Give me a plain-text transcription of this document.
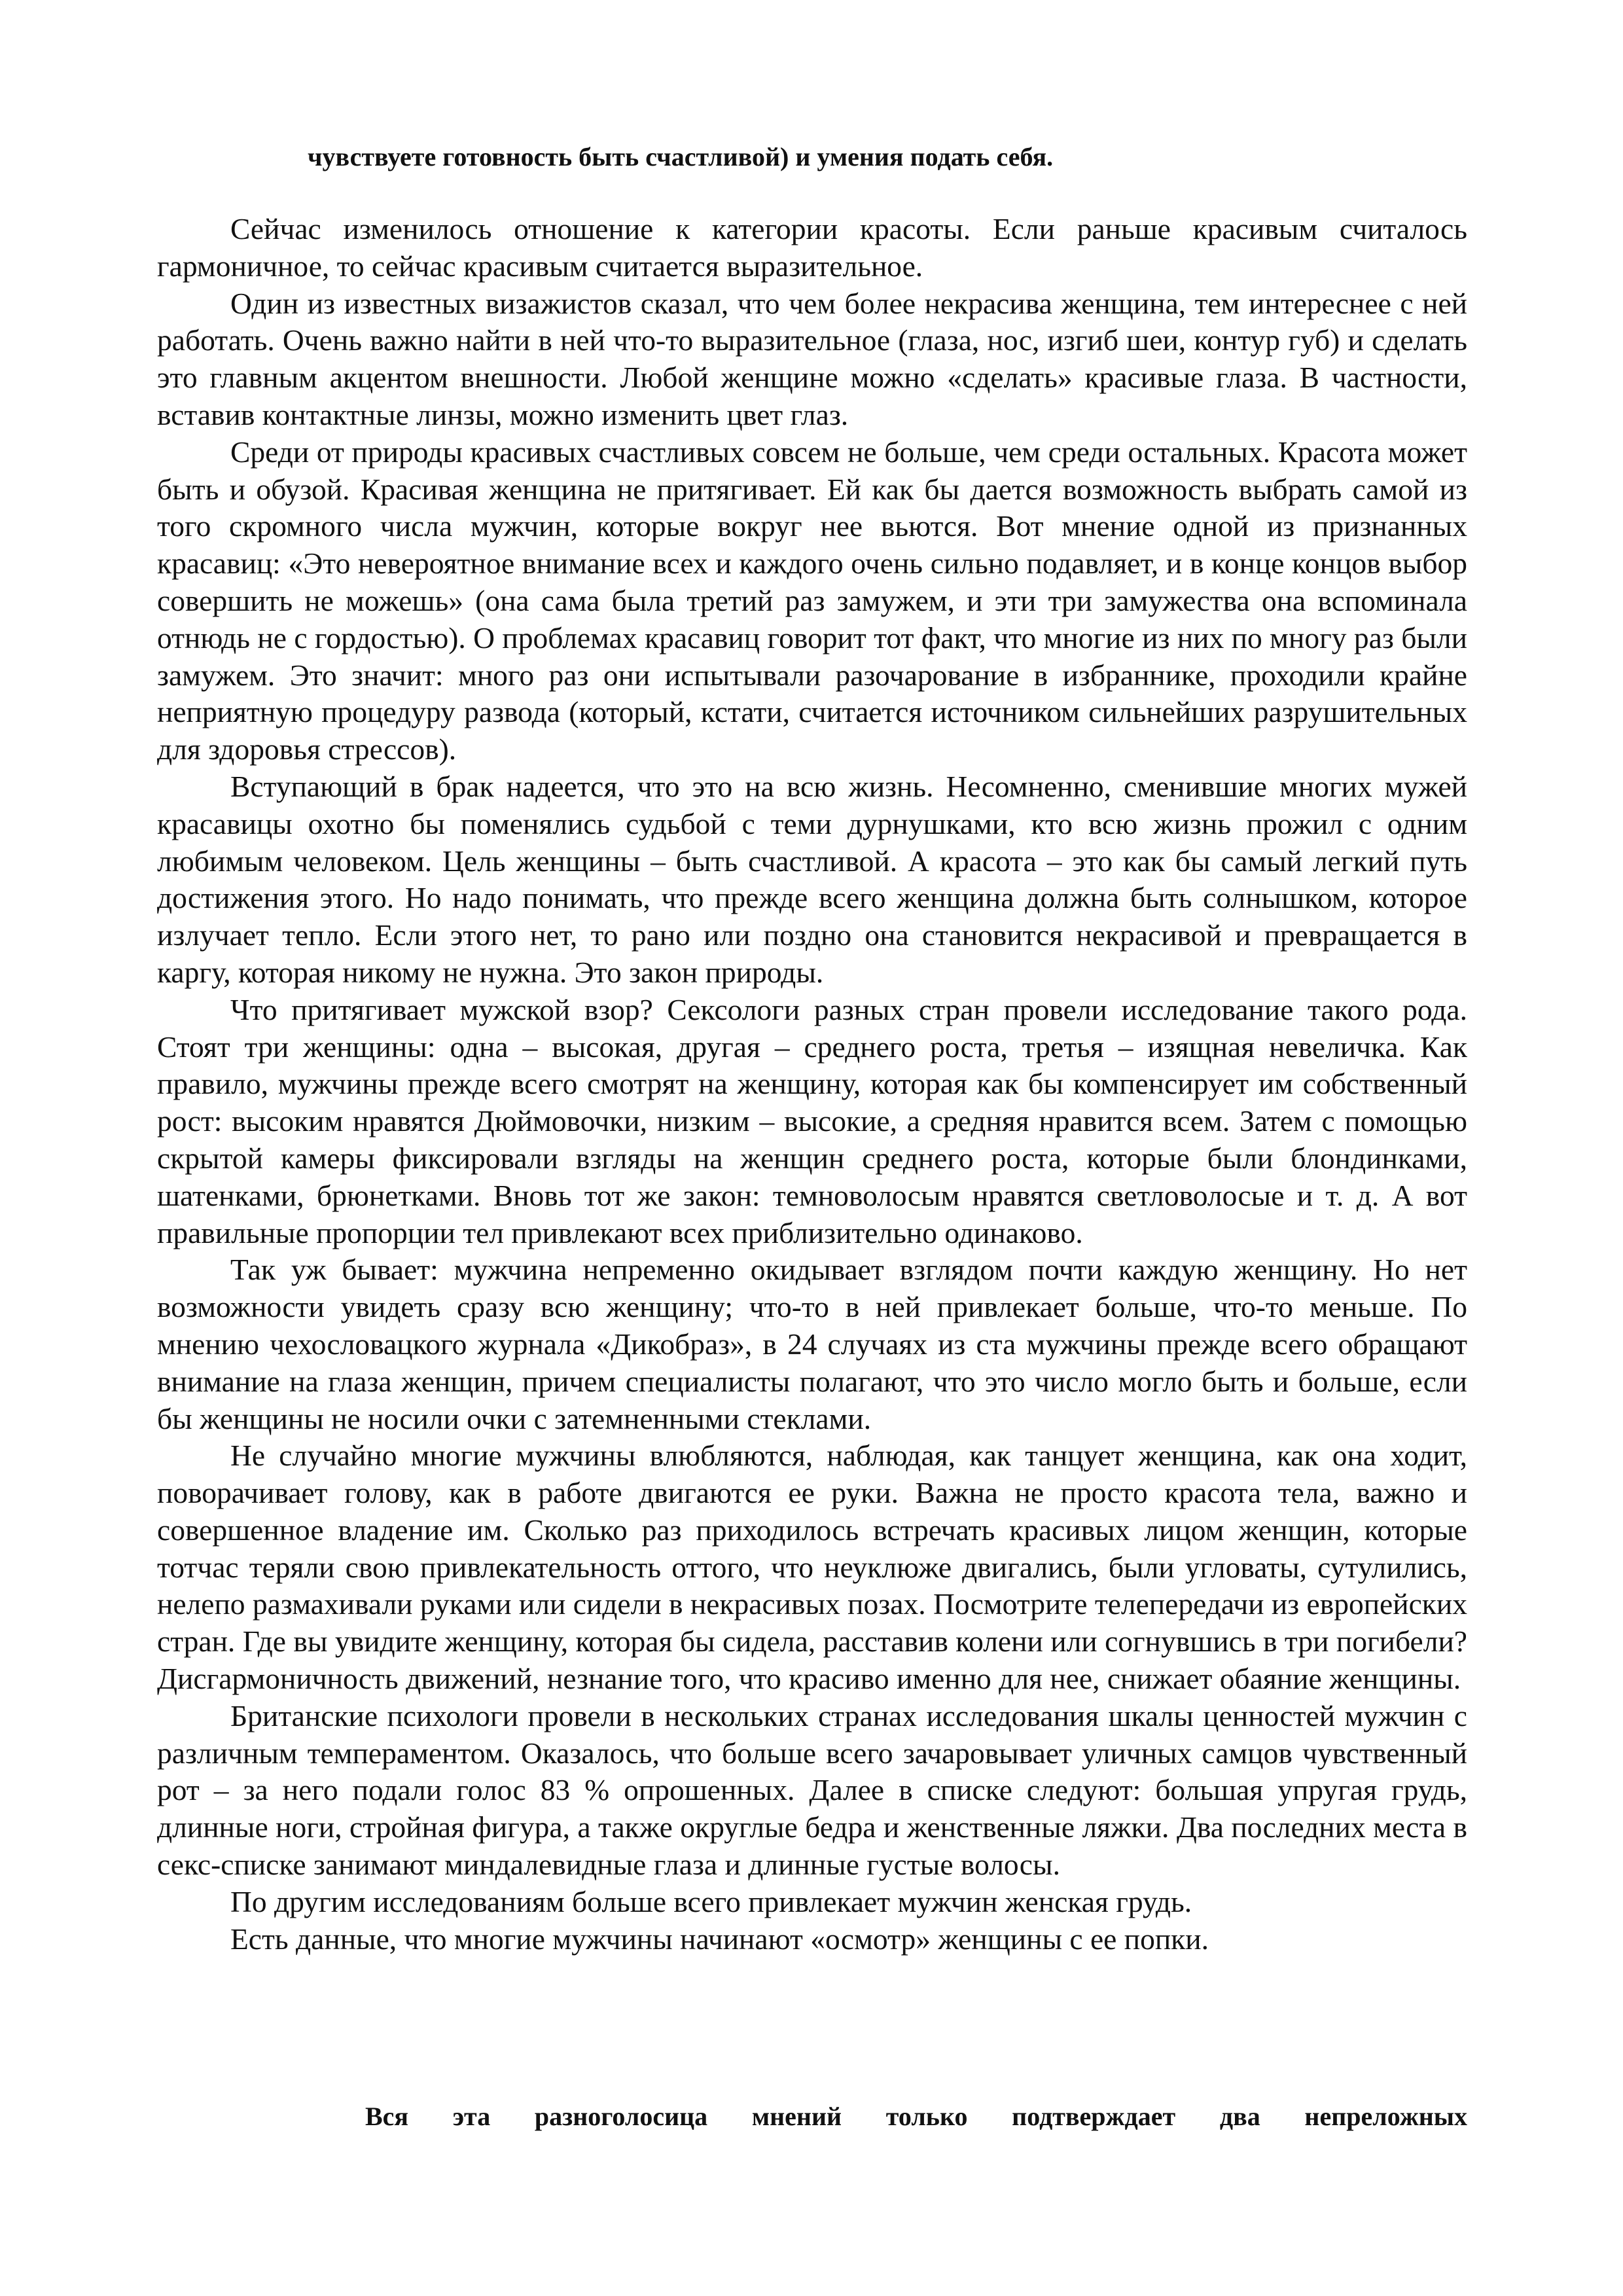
чувствуете готовность быть счастливой) и умения подать себя.

Сейчас изменилось отношение к категории красоты. Если раньше красивым считалось гармоничное, то сейчас красивым считается выразительное.

Один из известных визажистов сказал, что чем более некрасива женщина, тем интереснее с ней работать. Очень важно найти в ней что-то выразительное (глаза, нос, изгиб шеи, контур губ) и сделать это главным акцентом внешности. Любой женщине можно «сделать» красивые глаза. В частности, вставив контактные линзы, можно изменить цвет глаз.

Среди от природы красивых счастливых совсем не больше, чем среди остальных. Красота может быть и обузой. Красивая женщина не притягивает. Ей как бы дается возможность выбрать самой из того скромного числа мужчин, которые вокруг нее вьются. Вот мнение одной из признанных красавиц: «Это невероятное внимание всех и каждого очень сильно подавляет, и в конце концов выбор совершить не можешь» (она сама была третий раз замужем, и эти три замужества она вспоминала отнюдь не с гордостью). О проблемах красавиц говорит тот факт, что многие из них по многу раз были замужем. Это значит: много раз они испытывали разочарование в избраннике, проходили крайне неприятную процедуру развода (который, кстати, считается источником сильнейших разрушительных для здоровья стрессов).

Вступающий в брак надеется, что это на всю жизнь. Несомненно, сменившие многих мужей красавицы охотно бы поменялись судьбой с теми дурнушками, кто всю жизнь прожил с одним любимым человеком. Цель женщины – быть счастливой. А красота – это как бы самый легкий путь достижения этого. Но надо понимать, что прежде всего женщина должна быть солнышком, которое излучает тепло. Если этого нет, то рано или поздно она становится некрасивой и превращается в каргу, которая никому не нужна. Это закон природы.

Что притягивает мужской взор? Сексологи разных стран провели исследование такого рода. Стоят три женщины: одна – высокая, другая – среднего роста, третья – изящная невеличка. Как правило, мужчины прежде всего смотрят на женщину, которая как бы компенсирует им собственный рост: высоким нравятся Дюймовочки, низким – высокие, а средняя нравится всем. Затем с помощью скрытой камеры фиксировали взгляды на женщин среднего роста, которые были блондинками, шатенками, брюнетками. Вновь тот же закон: темноволосым нравятся светловолосые и т. д. А вот правильные пропорции тел привлекают всех приблизительно одинаково.

Так уж бывает: мужчина непременно окидывает взглядом почти каждую женщину. Но нет возможности увидеть сразу всю женщину; что-то в ней привлекает больше, что-то меньше. По мнению чехословацкого журнала «Дикобраз», в 24 случаях из ста мужчины прежде всего обращают внимание на глаза женщин, причем специалисты полагают, что это число могло быть и больше, если бы женщины не носили очки с затемненными стеклами.

Не случайно многие мужчины влюбляются, наблюдая, как танцует женщина, как она ходит, поворачивает голову, как в работе двигаются ее руки. Важна не просто красота тела, важно и совершенное владение им. Сколько раз приходилось встречать красивых лицом женщин, которые тотчас теряли свою привлекательность оттого, что неуклюже двигались, были угловаты, сутулились, нелепо размахивали руками или сидели в некрасивых позах. Посмотрите телепередачи из европейских стран. Где вы увидите женщину, которая бы сидела, расставив колени или согнувшись в три погибели? Дисгармоничность движений, незнание того, что красиво именно для нее, снижает обаяние женщины.

Британские психологи провели в нескольких странах исследования шкалы ценностей мужчин с различным темпераментом. Оказалось, что больше всего зачаровывает уличных самцов чувственный рот – за него подали голос 83 % опрошенных. Далее в списке следуют: большая упругая грудь, длинные ноги, стройная фигура, а также округлые бедра и женственные ляжки. Два последних места в секс-списке занимают миндалевидные глаза и длинные густые волосы.

По другим исследованиям больше всего привлекает мужчин женская грудь.

Есть данные, что многие мужчины начинают «осмотр» женщины с ее попки.

Вся эта разноголосица мнений только подтверждает два непреложных
